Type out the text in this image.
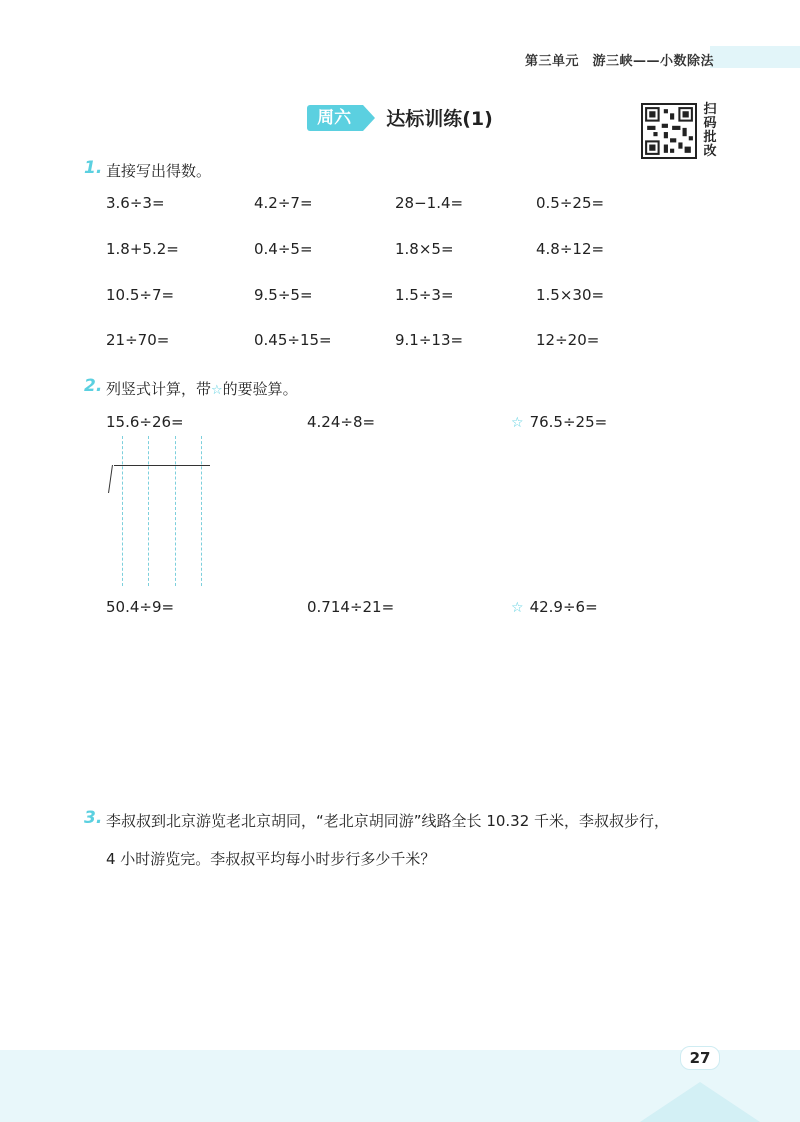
第三单元　游三峡——小数除法
周六 达标训练(1)	扫码批改
1. 直接写出得数。
3.6÷3=	4.2÷7=	28−1.4=	0.5÷25=
1.8+5.2=	0.4÷5=	1.8×5=	4.8÷12=
10.5÷7=	9.5÷5=	1.5÷3=	1.5×30=
21÷70=	0.45÷15=	9.1÷13=	12÷20=
2. 列竖式计算，带☆的要验算。
15.6÷26=	4.24÷8=	☆ 76.5÷25=
50.4÷9=	0.714÷21=	☆ 42.9÷6=
3. 李叔叔到北京游览老北京胡同，“老北京胡同游”线路全长 10.32 千米，李叔叔步行，
4 小时游览完。李叔叔平均每小时步行多少千米？
27
